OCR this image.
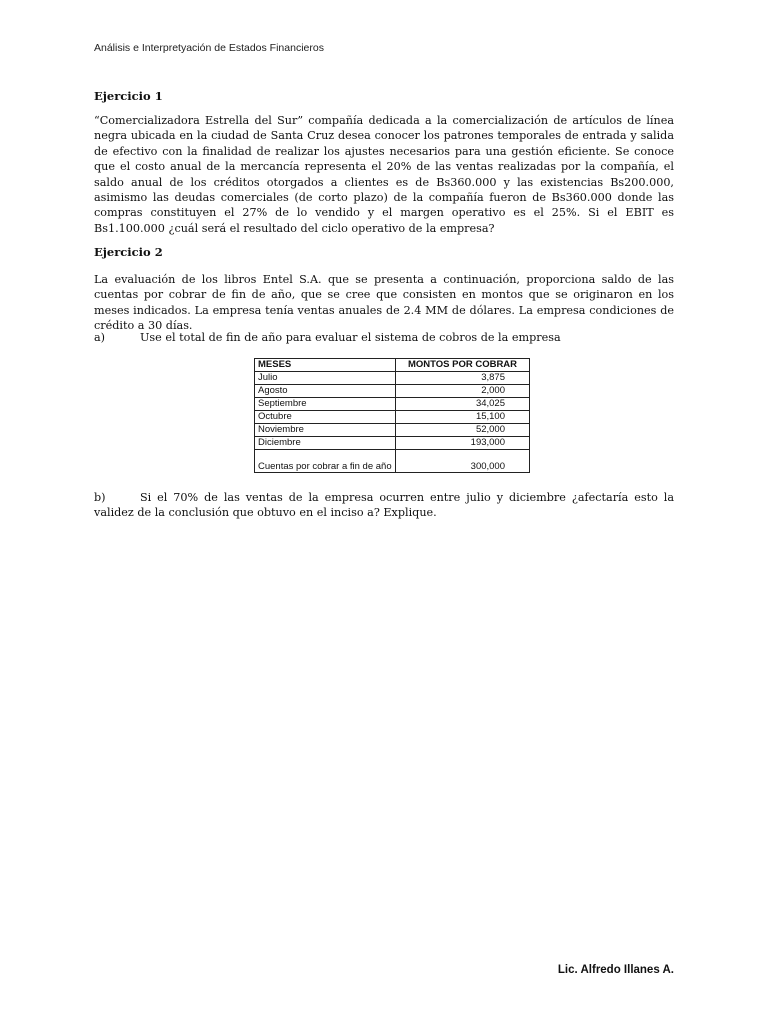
Análisis e Interpretyación de Estados Financieros
Ejercicio 1
“Comercializadora Estrella del Sur” compañía dedicada a la comercialización de artículos de línea negra ubicada en la ciudad de Santa Cruz desea conocer los patrones temporales de entrada y salida de efectivo con la finalidad de realizar los ajustes necesarios para una gestión eficiente. Se conoce que el costo anual de la mercancía representa el 20% de las ventas realizadas por la compañía, el saldo anual de los créditos otorgados a clientes es de Bs360.000 y las existencias Bs200.000, asimismo las deudas comerciales (de corto plazo) de la compañía fueron de Bs360.000 donde las compras constituyen el 27% de lo vendido y el margen operativo es el 25%. Si el EBIT es Bs1.100.000 ¿cuál será el resultado del ciclo operativo de la empresa?
Ejercicio 2
La evaluación de los libros Entel S.A. que se presenta a continuación, proporciona saldo de las cuentas por cobrar de fin de año, que se cree que consisten en montos que se originaron en los meses indicados. La empresa tenía ventas anuales de 2.4 MM de dólares. La empresa condiciones de crédito a 30 días.
a)	Use el total de fin de año para evaluar el sistema de cobros de la empresa
MESES	MONTOS POR COBRAR
Julio	3,875
Agosto	2,000
Septiembre	34,025
Octubre	15,100
Noviembre	52,000
Diciembre	193,000
Cuentas por cobrar a fin de año	300,000
b)	Si el 70% de las ventas de la empresa ocurren entre julio y diciembre ¿afectaría esto la validez de la conclusión que obtuvo en el inciso a? Explique.
Lic. Alfredo Illanes A.
